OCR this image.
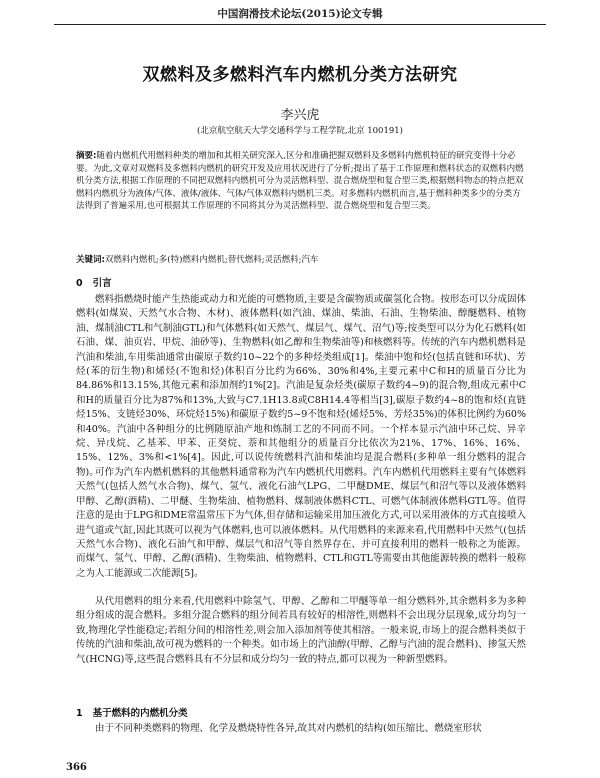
中国润滑技术论坛(2015)论文专辑
双燃料及多燃料汽车内燃机分类方法研究
李兴虎
(北京航空航天大学交通科学与工程学院,北京 100191)
摘要:随着内燃机代用燃料种类的增加和其相关研究深入,区分和准确把握双燃料及多燃料内燃机特征的研究变得十分必要。为此,文章对双燃料及多燃料内燃机的研究开发及应用状况进行了分析;提出了基于工作原理和燃料状态的双燃料内燃机分类方法,根据工作原理的不同把双燃料内燃机可分为灵活燃料型、混合燃烧型和复合型三类,根据燃料物态的特点把双燃料内燃机分为液体/气体、液体/液体、气体/气体双燃料内燃机三类。对多燃料内燃机而言,基于燃料种类多少的分类方法得到了普遍采用,也可根据其工作原理的不同将其分为灵活燃料型、混合燃烧型和复合型三类。
关键词:双燃料内燃机;多(特)燃料内燃机;替代燃料;灵活燃料;汽车
0 引言

燃料指燃烧时能产生热能或动力和光能的可燃物质,主要是含碳物质或碳氢化合物。按形态可以分成固体燃料(如煤炭、天然气水合物、木材)、液体燃料(如汽油、煤油、柴油、石油、生物柴油、醇醚燃料、植物油、煤制油CTL和气制油GTL)和气体燃料(如天然气、煤层气、煤气、沼气)等;按类型可以分为化石燃料(如石油、煤、油页岩、甲烷、油砂等)、生物燃料(如乙醇和生物柴油等)和核燃料等。传统的汽车内燃机燃料是汽油和柴油,车用柴油通常由碳原子数约10~22个的多种烃类组成[1]。柴油中饱和烃(包括直链和环状)、芳烃(苯的衍生物)和烯烃(不饱和烃)体积百分比约为66%、30%和4%,主要元素中C和H的质量百分比为84.86%和13.15%,其他元素和添加剂约1%[2]。汽油是复杂烃类(碳原子数约4~9)的混合物,组成元素中C和H的质量百分比为87%和13%,大致与C7.1H13.8或C8H14.4等相当[3],碳原子数约4~8的饱和烃(直链烃15%、支链烃30%、环烷烃15%)和碳原子数约5~9不饱和烃(烯烃5%、芳烃35%)的体积比例约为60%和40%。汽油中各种组分的比例随原油产地和炼制工艺的不同而不同。一个样本显示汽油中环己烷、异辛烷、异戊烷、乙基苯、甲苯、正癸烷、萘和其他组分的质量百分比依次为21%、17%、16%、16%、15%、12%、3%和<1%[4]。因此,可以说传统燃料汽油和柴油均是混合燃料(多种单一组分燃料的混合物)。

可作为汽车内燃机燃料的其他燃料通常称为汽车内燃机代用燃料。汽车内燃机代用燃料主要有气体燃料天然气(包括人然气水合物)、煤气、氢气、液化石油气LPG、二甲醚DME、煤层气和沼气等以及液体燃料甲醇、乙醇(酒精)、二甲醚、生物柴油、植物燃料、煤制液体燃料CTL、可燃气体制液体燃料GTL等。值得注意的是由于LPG和DME常温常压下为气体,但存储和运输采用加压液化方式,可以采用液体的方式直接喷入进气道或气缸,因此其既可以视为气体燃料,也可以液体燃料。从代用燃料的来源来看,代用燃料中天然气(包括天然气水合物)、液化石油气和甲醇、煤层气和沼气等自然界存在、并可直接利用的燃料一般称之为能源。而煤气、氢气、甲醇、乙醇(酒精)、生物柴油、植物燃料、CTL和GTL等需要由其他能源转换的燃料一般称之为人工能源或二次能源[5]。

从代用燃料的组分来看,代用燃料中除氢气、甲醇、乙醇和二甲醚等单一组分燃料外,其余燃料多为多种组分组成的混合燃料。多组分混合燃料的组分间若具有较好的相溶性,则燃料不会出现分层现象,成分均匀一致,物理化学性能稳定;若组分间的相溶性差,则会加入添加剂等使其相溶。一般来说,市场上的混合燃料类似于传统的汽油和柴油,故可视为燃料的一个种类。如市场上的汽油醇(甲醇、乙醇与汽油的混合燃料)、掺氢天然气(HCNG)等,这些混合燃料具有不分层和成分均匀一致的特点,都可以视为一种新型燃料。

1 基于燃料的内燃机分类

由于不同种类燃料的物理、化学及燃烧特性各异,故其对内燃机的结构(如压缩比、燃烧室形状

366
